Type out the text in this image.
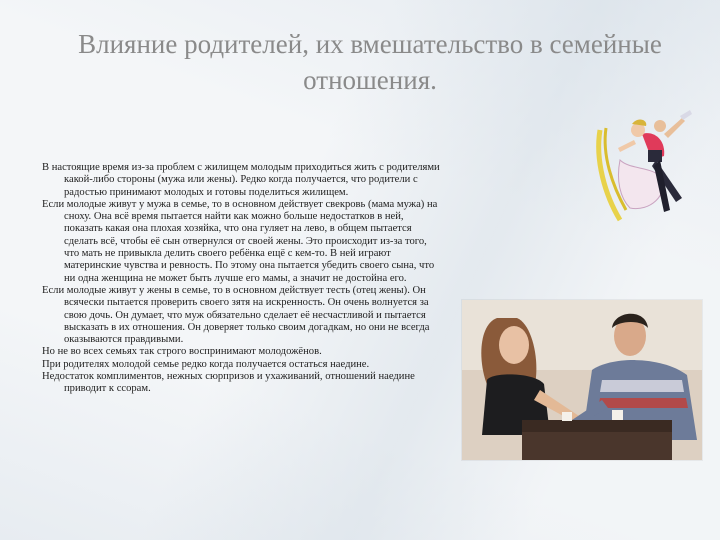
Влияние родителей, их вмешательство в семейные отношения.

В настоящие время из-за проблем с жилищем молодым приходиться жить с родителями какой-либо стороны (мужа или жены). Редко когда получается, что родители с радостью принимают молодых и готовы поделиться жилищем.

Если молодые живут у мужа в семье, то в основном действует свекровь (мама мужа) на сноху. Она всё время пытается найти как можно больше недостатков в ней, показать какая она плохая хозяйка, что она гуляет на лево, в общем пытается сделать всё, чтобы её сын отвернулся от своей жены. Это происходит из-за того, что мать не привыкла делить своего ребёнка ещё с кем-то. В ней играют материнские чувства и ревность. По этому она пытается убедить своего сына, что ни одна женщина не может быть лучше его мамы, а значит не достойна его.

Если молодые живут у жены в семье, то в основном действует тесть (отец жены). Он всячески пытается проверить своего зятя на искренность. Он очень волнуется за свою дочь. Он думает, что муж обязательно сделает её несчастливой и пытается высказать в их отношения. Он доверяет только своим догадкам, но они не всегда оказываются правдивыми.

Но не во всех семьях так строго воспринимают молодожёнов.

При родителях молодой семье редко когда получается остаться наедине.

Недостаток комплиментов, нежных сюрпризов и ухаживаний, отношений наедине приводит к ссорам.
